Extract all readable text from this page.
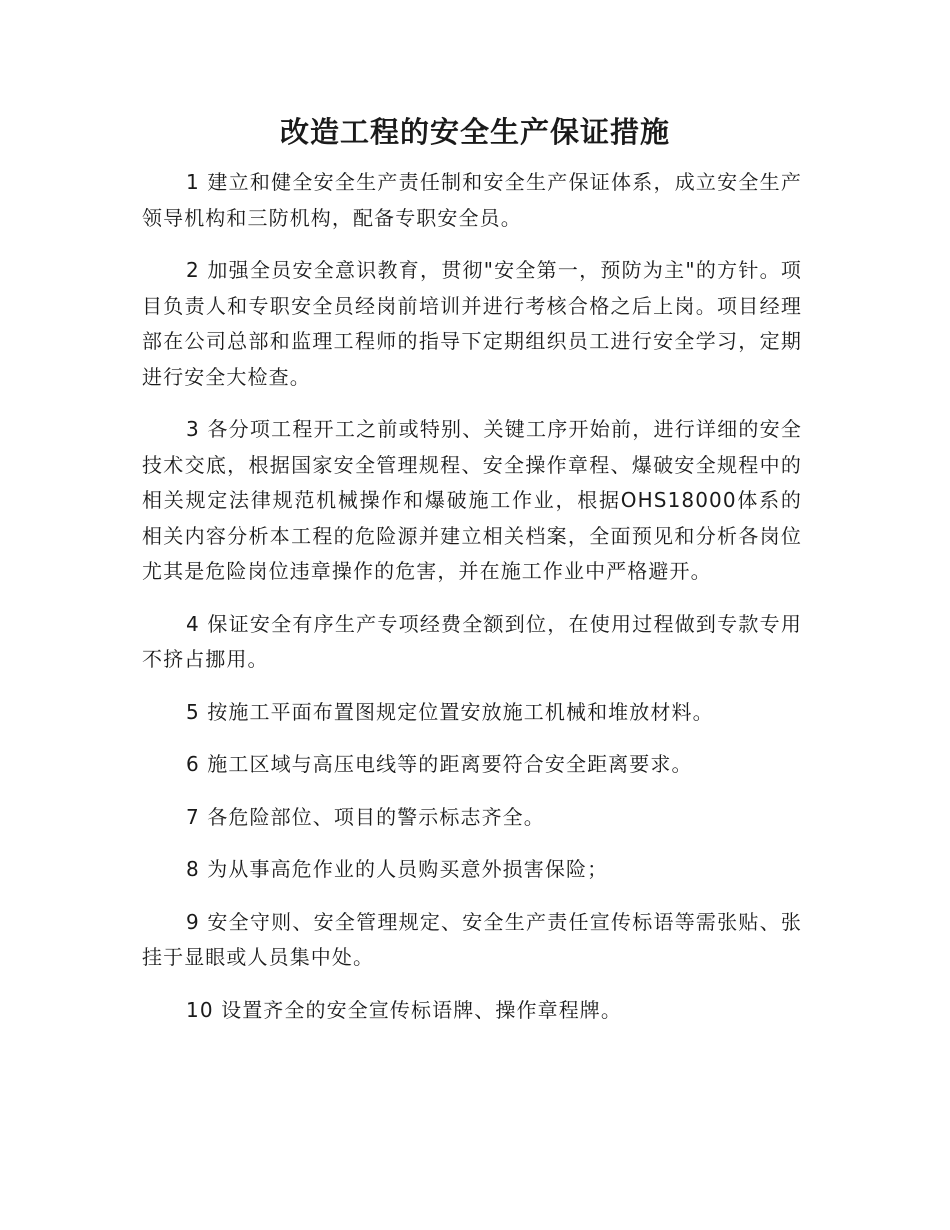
改造工程的安全生产保证措施

1 建立和健全安全生产责任制和安全生产保证体系，成立安全生产领导机构和三防机构，配备专职安全员。

2 加强全员安全意识教育，贯彻"安全第一，预防为主"的方针。项目负责人和专职安全员经岗前培训并进行考核合格之后上岗。项目经理部在公司总部和监理工程师的指导下定期组织员工进行安全学习，定期进行安全大检查。

3 各分项工程开工之前或特别、关键工序开始前，进行详细的安全技术交底，根据国家安全管理规程、安全操作章程、爆破安全规程中的相关规定法律规范机械操作和爆破施工作业，根据OHS18000体系的相关内容分析本工程的危险源并建立相关档案，全面预见和分析各岗位尤其是危险岗位违章操作的危害，并在施工作业中严格避开。

4 保证安全有序生产专项经费全额到位，在使用过程做到专款专用不挤占挪用。

5 按施工平面布置图规定位置安放施工机械和堆放材料。

6 施工区域与高压电线等的距离要符合安全距离要求。

7 各危险部位、项目的警示标志齐全。

8 为从事高危作业的人员购买意外损害保险；

9 安全守则、安全管理规定、安全生产责任宣传标语等需张贴、张挂于显眼或人员集中处。

10 设置齐全的安全宣传标语牌、操作章程牌。
